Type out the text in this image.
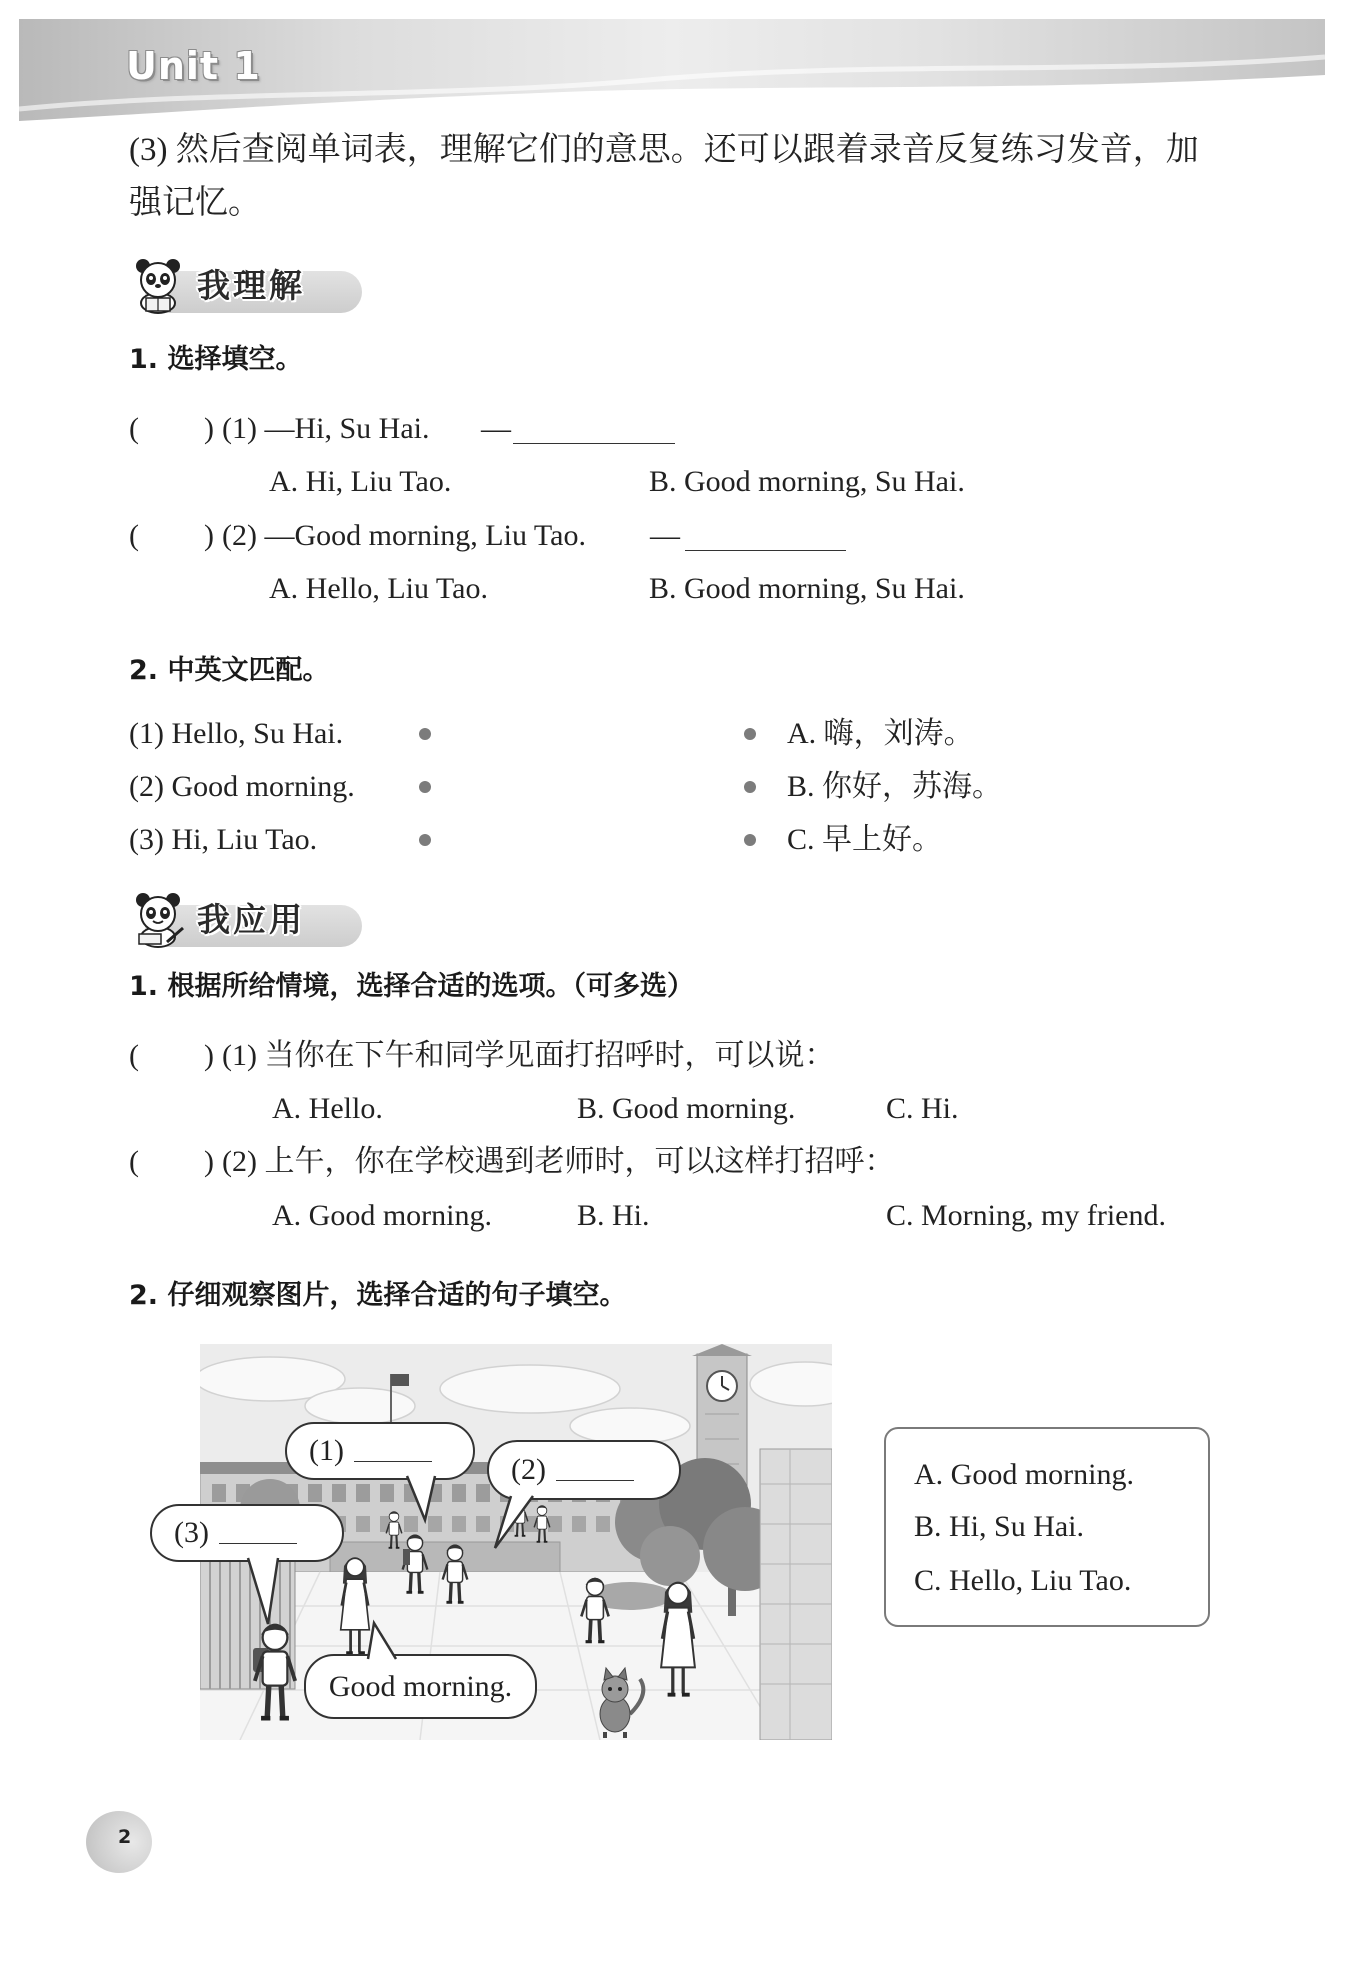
Unit 1
(3) 然后查阅单词表，理解它们的意思。还可以跟着录音反复练习发音，加
强记忆。
我理解
1. 选择填空。
( ) (1) —Hi, Su Hai. —
A. Hi, Liu Tao.	B. Good morning, Su Hai.
( ) (2) —Good morning, Liu Tao. —
A. Hello, Liu Tao.	B. Good morning, Su Hai.
2. 中英文匹配。
(1) Hello, Su Hai.	A. 嗨，刘涛。
(2) Good morning.	B. 你好，苏海。
(3) Hi, Liu Tao.	C. 早上好。
我应用
1. 根据所给情境，选择合适的选项。（可多选）
( ) (1) 当你在下午和同学见面打招呼时，可以说：
A. Hello.	B. Good morning.	C. Hi.
( ) (2) 上午，你在学校遇到老师时，可以这样打招呼：
A. Good morning.	B. Hi.	C. Morning, my friend.
2. 仔细观察图片，选择合适的句子填空。
(1)
(2)
(3)
Good morning.
A. Good morning.
B. Hi, Su Hai.
C. Hello, Liu Tao.
2
